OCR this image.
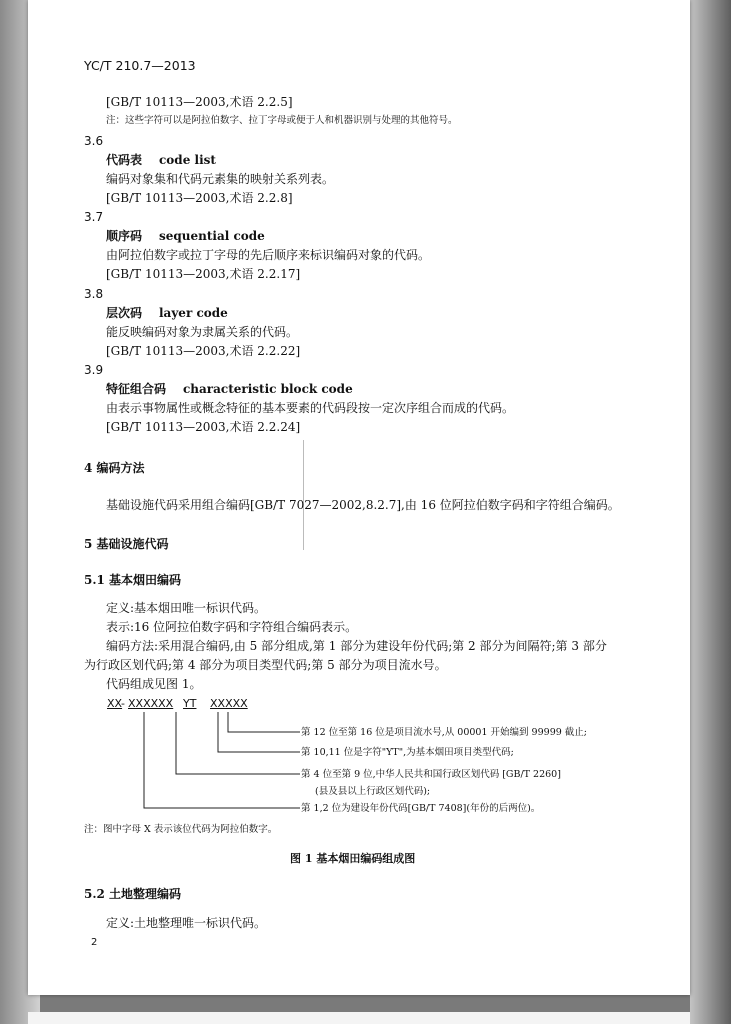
YC/T 210.7—2013
[GB/T 10113—2003,术语 2.2.5]
注：这些字符可以是阿拉伯数字、拉丁字母或便于人和机器识别与处理的其他符号。
3.6
代码表 code list
编码对象集和代码元素集的映射关系列表。
[GB/T 10113—2003,术语 2.2.8]
3.7
顺序码 sequential code
由阿拉伯数字或拉丁字母的先后顺序来标识编码对象的代码。
[GB/T 10113—2003,术语 2.2.17]
3.8
层次码 layer code
能反映编码对象为隶属关系的代码。
[GB/T 10113—2003,术语 2.2.22]
3.9
特征组合码 characteristic block code
由表示事物属性或概念特征的基本要素的代码段按一定次序组合而成的代码。
[GB/T 10113—2003,术语 2.2.24]
4 编码方法
基础设施代码采用组合编码[GB/T 7027—2002,8.2.7],由 16 位阿拉伯数字码和字符组合编码。
5 基础设施代码
5.1 基本烟田编码
定义:基本烟田唯一标识代码。
表示:16 位阿拉伯数字码和字符组合编码表示。
编码方法:采用混合编码,由 5 部分组成,第 1 部分为建设年份代码;第 2 部分为间隔符;第 3 部分
为行政区划代码;第 4 部分为项目类型代码;第 5 部分为项目流水号。
代码组成见图 1。
XX
- XXXXXX YT XXXXX
第 12 位至第 16 位是项目流水号,从 00001 开始编到 99999 截止;
第 10,11 位是字符"YT",为基本烟田项目类型代码;
第 4 位至第 9 位,中华人民共和国行政区划代码 [GB/T 2260]
(县及县以上行政区划代码);
第 1,2 位为建设年份代码[GB/T 7408](年份的后两位)。
注：图中字母 X 表示该位代码为阿拉伯数字。
图 1 基本烟田编码组成图
5.2 土地整理编码
定义:土地整理唯一标识代码。
2
